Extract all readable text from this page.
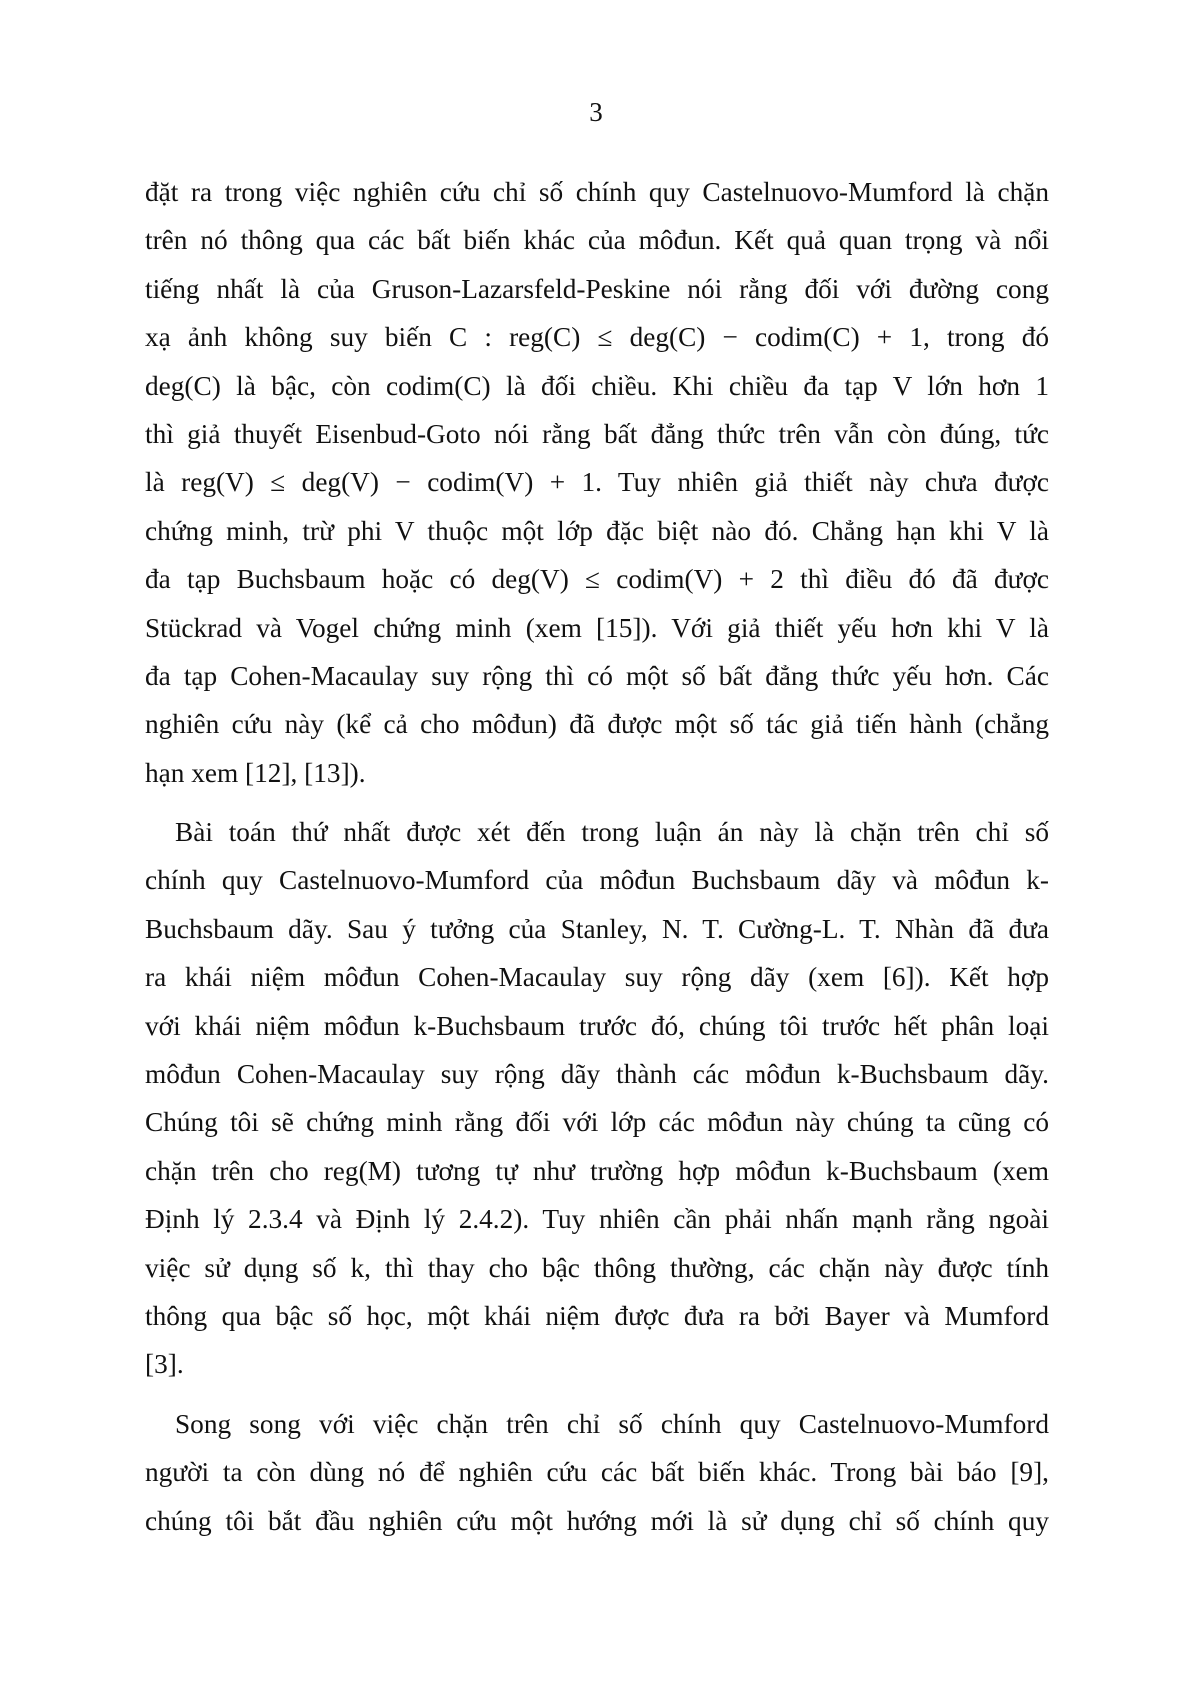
3

đặt ra trong việc nghiên cứu chỉ số chính quy Castelnuovo-Mumford là chặn
trên nó thông qua các bất biến khác của môđun. Kết quả quan trọng và nổi
tiếng nhất là của Gruson-Lazarsfeld-Peskine nói rằng đối với đường cong
xạ ảnh không suy biến C : reg(C) ≤ deg(C) − codim(C) + 1, trong đó
deg(C) là bậc, còn codim(C) là đối chiều. Khi chiều đa tạp V lớn hơn 1
thì giả thuyết Eisenbud-Goto nói rằng bất đẳng thức trên vẫn còn đúng, tức
là reg(V) ≤ deg(V) − codim(V) + 1. Tuy nhiên giả thiết này chưa được
chứng minh, trừ phi V thuộc một lớp đặc biệt nào đó. Chẳng hạn khi V là
đa tạp Buchsbaum hoặc có deg(V) ≤ codim(V) + 2 thì điều đó đã được
Stückrad và Vogel chứng minh (xem [15]). Với giả thiết yếu hơn khi V là
đa tạp Cohen-Macaulay suy rộng thì có một số bất đẳng thức yếu hơn. Các
nghiên cứu này (kể cả cho môđun) đã được một số tác giả tiến hành (chẳng
hạn xem [12], [13]).

Bài toán thứ nhất được xét đến trong luận án này là chặn trên chỉ số
chính quy Castelnuovo-Mumford của môđun Buchsbaum dãy và môđun k-
Buchsbaum dãy. Sau ý tưởng của Stanley, N. T. Cường-L. T. Nhàn đã đưa
ra khái niệm môđun Cohen-Macaulay suy rộng dãy (xem [6]). Kết hợp
với khái niệm môđun k-Buchsbaum trước đó, chúng tôi trước hết phân loại
môđun Cohen-Macaulay suy rộng dãy thành các môđun k-Buchsbaum dãy.
Chúng tôi sẽ chứng minh rằng đối với lớp các môđun này chúng ta cũng có
chặn trên cho reg(M) tương tự như trường hợp môđun k-Buchsbaum (xem
Định lý 2.3.4 và Định lý 2.4.2). Tuy nhiên cần phải nhấn mạnh rằng ngoài
việc sử dụng số k, thì thay cho bậc thông thường, các chặn này được tính
thông qua bậc số học, một khái niệm được đưa ra bởi Bayer và Mumford
[3].

Song song với việc chặn trên chỉ số chính quy Castelnuovo-Mumford
người ta còn dùng nó để nghiên cứu các bất biến khác. Trong bài báo [9],
chúng tôi bắt đầu nghiên cứu một hướng mới là sử dụng chỉ số chính quy
